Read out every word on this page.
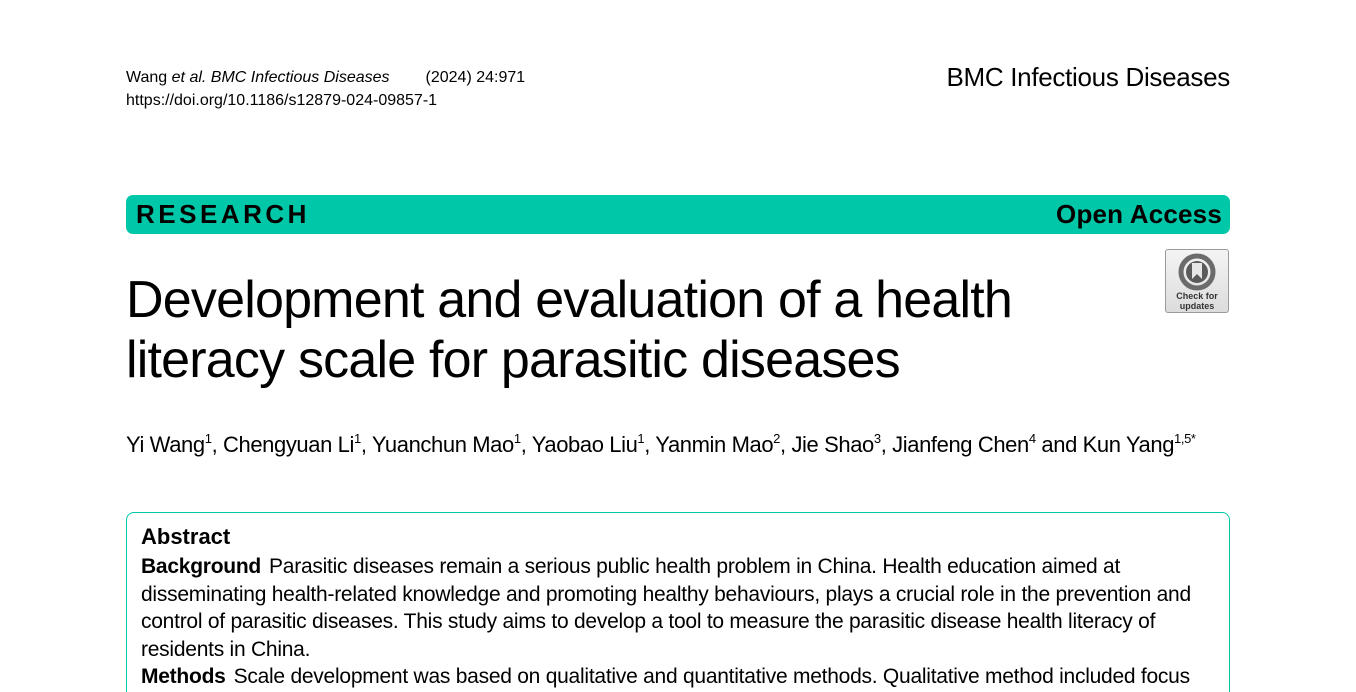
Wang et al. BMC Infectious Diseases (2024) 24:971
https://doi.org/10.1186/s12879-024-09857-1
BMC Infectious Diseases
RESEARCH	Open Access
Check for
updates
Development and evaluation of a health
literacy scale for parasitic diseases
Yi Wang$^1$, Chengyuan Li$^1$, Yuanchun Mao$^1$, Yaobao Liu$^1$, Yanmin Mao$^2$, Jie Shao$^3$, Jianfeng Chen$^4$ and Kun Yang$^{1,5*}$
Abstract

Background Parasitic diseases remain a serious public health problem in China. Health education aimed at disseminating health-related knowledge and promoting healthy behaviours, plays a crucial role in the prevention and control of parasitic diseases. This study aims to develop a tool to measure the parasitic disease health literacy of residents in China.

Methods Scale development was based on qualitative and quantitative methods. Qualitative method included focus
